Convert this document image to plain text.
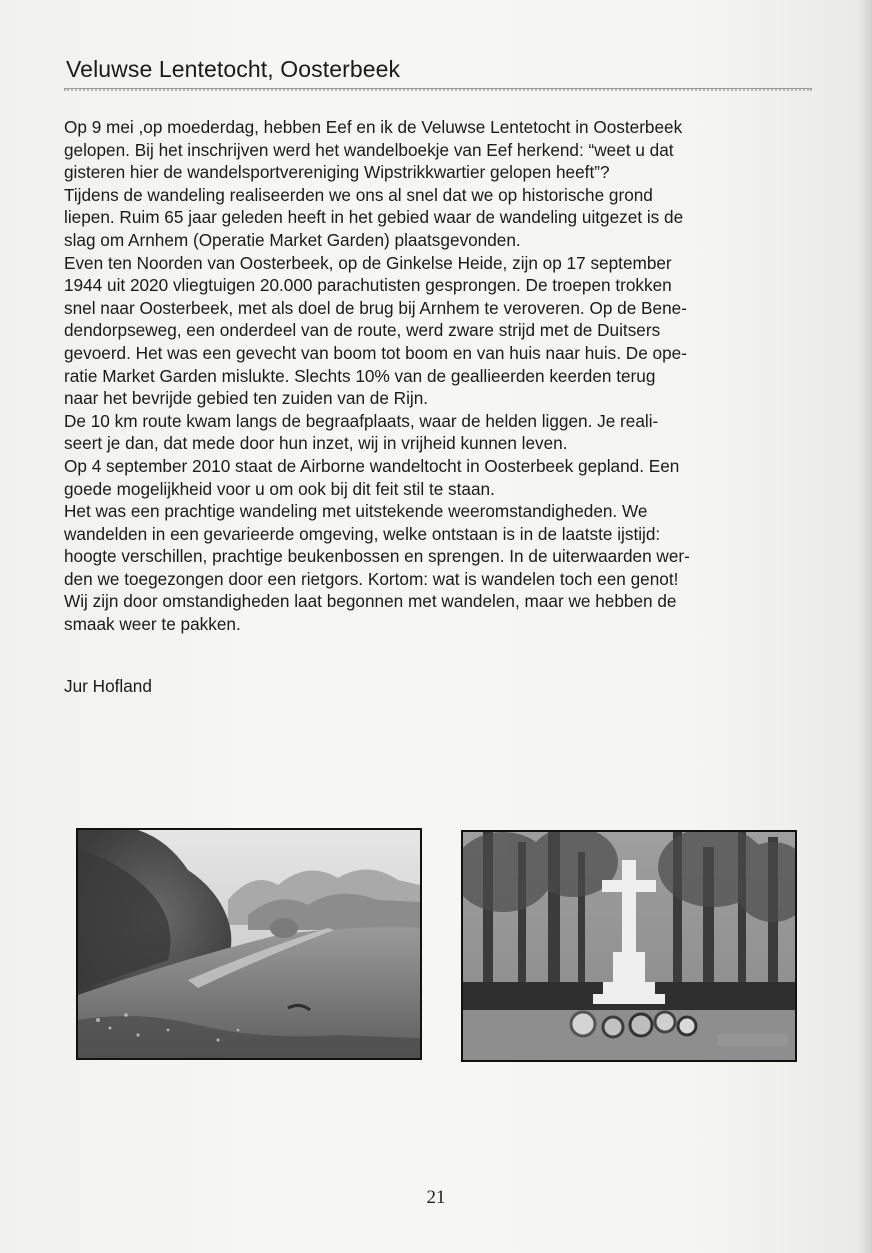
Veluwse Lentetocht, Oosterbeek
Op 9 mei ,op moederdag, hebben Eef en ik de Veluwse Lentetocht in Oosterbeek
gelopen. Bij het inschrijven werd het wandelboekje van Eef herkend: “weet u dat
gisteren hier de wandelsportvereniging Wipstrikkwartier gelopen heeft”?
Tijdens de wandeling realiseerden we ons al snel dat we op historische grond
liepen. Ruim 65 jaar geleden heeft in het gebied waar de wandeling uitgezet is de
slag om Arnhem (Operatie Market Garden) plaatsgevonden.
Even ten Noorden van Oosterbeek, op de Ginkelse Heide, zijn op 17 september
1944 uit 2020 vliegtuigen 20.000 parachutisten gesprongen. De troepen trokken
snel naar Oosterbeek, met als doel de brug bij Arnhem te veroveren. Op de Bene-
dendorpseweg, een onderdeel van de route, werd zware strijd met de Duitsers
gevoerd. Het was een gevecht van boom tot boom en van huis naar huis. De ope-
ratie Market Garden mislukte. Slechts 10% van de geallieerden keerden terug
naar het bevrijde gebied ten zuiden van de Rijn.
De 10 km route kwam langs de begraafplaats, waar de helden liggen. Je reali-
seert je dan, dat mede door hun inzet, wij in vrijheid kunnen leven.
Op 4 september 2010 staat de Airborne wandeltocht in Oosterbeek gepland. Een
goede mogelijkheid voor u om ook bij dit feit stil te staan.
Het was een prachtige wandeling met uitstekende weeromstandigheden. We
wandelden in een gevarieerde omgeving, welke ontstaan is in de laatste ijstijd:
hoogte verschillen, prachtige beukenbossen en sprengen. In de uiterwaarden wer-
den we toegezongen door een rietgors. Kortom: wat is wandelen toch een genot!
Wij zijn door omstandigheden laat begonnen met wandelen, maar we hebben de
smaak weer te pakken.
Jur Hofland
21
